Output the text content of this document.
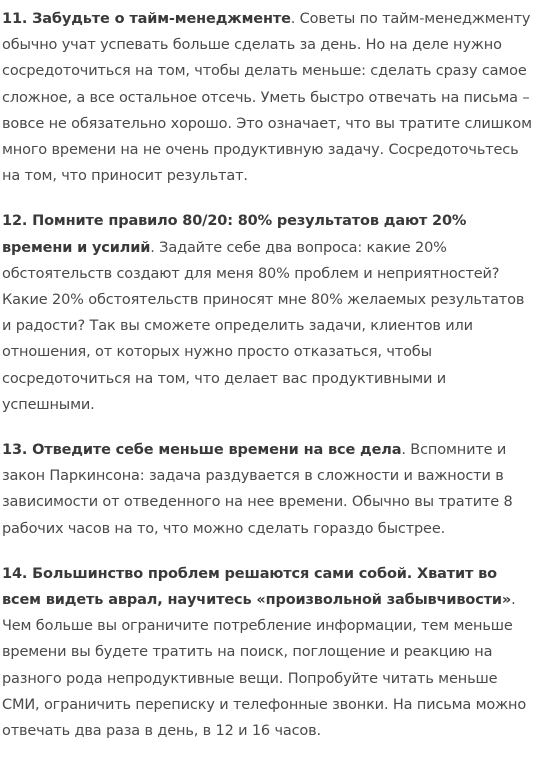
11. Забудьте о тайм-менеджменте. Советы по тайм-менеджменту обычно учат успевать больше сделать за день. Но на деле нужно сосредоточиться на том, чтобы делать меньше: сделать сразу самое сложное, а все остальное отсечь. Уметь быстро отвечать на письма – вовсе не обязательно хорошо. Это означает, что вы тратите слишком много времени на не очень продуктивную задачу. Сосредоточьтесь на том, что приносит результат.

12. Помните правило 80/20: 80% результатов дают 20% времени и усилий. Задайте себе два вопроса: какие 20% обстоятельств создают для меня 80% проблем и неприятностей? Какие 20% обстоятельств приносят мне 80% желаемых результатов и радости? Так вы сможете определить задачи, клиентов или отношения, от которых нужно просто отказаться, чтобы сосредоточиться на том, что делает вас продуктивными и успешными.

13. Отведите себе меньше времени на все дела. Вспомните и закон Паркинсона: задача раздувается в сложности и важности в зависимости от отведенного на нее времени. Обычно вы тратите 8 рабочих часов на то, что можно сделать гораздо быстрее.

14. Большинство проблем решаются сами собой. Хватит во всем видеть аврал, научитесь «произвольной забывчивости». Чем больше вы ограничите потребление информации, тем меньше времени вы будете тратить на поиск, поглощение и реакцию на разного рода непродуктивные вещи. Попробуйте читать меньше СМИ, ограничить переписку и телефонные звонки. На письма можно отвечать два раза в день, в 12 и 16 часов.
